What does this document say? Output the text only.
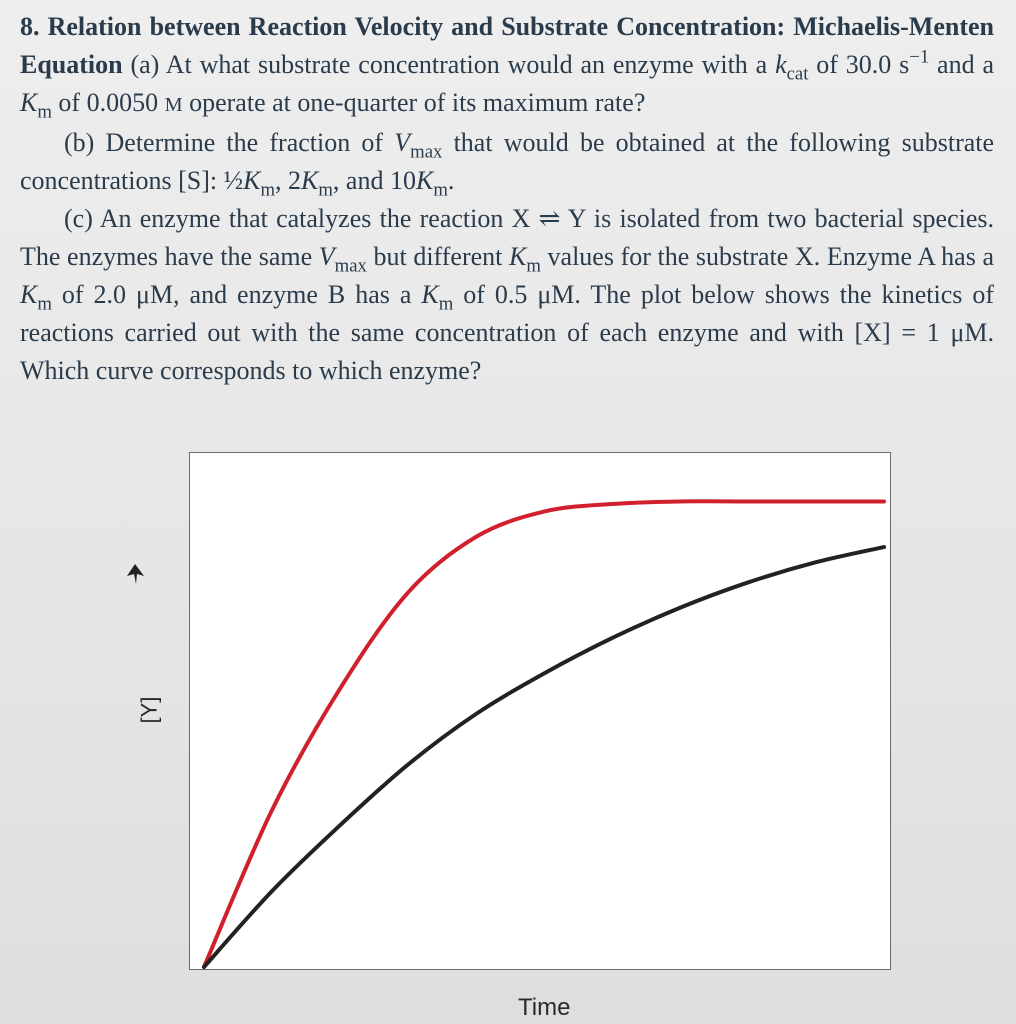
8. Relation between Reaction Velocity and Substrate Concentration: Michaelis-Menten Equation (a) At what substrate concentration would an enzyme with a $k_{cat}$ of 30.0 $s^{-1}$ and a $K_m$ of 0.0050 M operate at one-quarter of its maximum rate?

(b) Determine the fraction of $V_{max}$ that would be obtained at the following substrate concentrations [S]: $\frac{1}{2}K_m$, $2K_m$, and $10K_m$.

(c) An enzyme that catalyzes the reaction X ⇌ Y is isolated from two bacterial species. The enzymes have the same $V_{max}$ but different $K_m$ values for the substrate X. Enzyme A has a $K_m$ of 2.0 μM, and enzyme B has a $K_m$ of 0.5 μM. The plot below shows the kinetics of reactions carried out with the same concentration of each enzyme and with [X] = 1 μM. Which curve corresponds to which enzyme?

[Y]
Time
